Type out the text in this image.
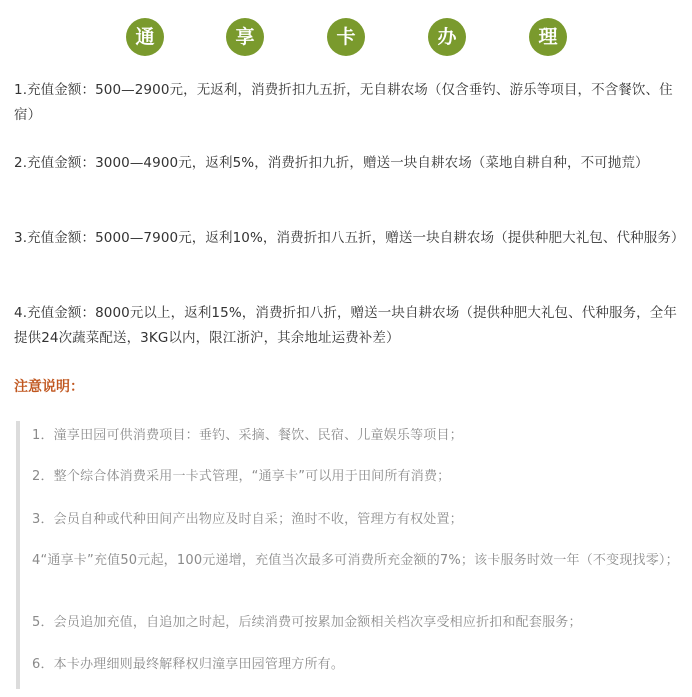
通	享	卡	办	理
1.充值金额：500—2900元，无返利，消费折扣九五折，无自耕农场（仅含垂钓、游乐等项目，不含餐饮、住宿）
2.充值金额：3000—4900元，返利5%，消费折扣九折，赠送一块自耕农场（菜地自耕自种，不可抛荒）
3.充值金额：5000—7900元，返利10%，消费折扣八五折，赠送一块自耕农场（提供种肥大礼包、代种服务）
4.充值金额：8000元以上，返利15%，消费折扣八折，赠送一块自耕农场（提供种肥大礼包、代种服务，全年提供24次蔬菜配送，3KG以内，限江浙沪，其余地址运费补差）
注意说明：
1．潼享田园可供消费项目：垂钓、采摘、餐饮、民宿、儿童娱乐等项目；
2．整个综合体消费采用一卡式管理，“通享卡”可以用于田间所有消费；
3．会员自种或代种田间产出物应及时自采；渔时不收，管理方有权处置；
4“通享卡”充值50元起，100元递增，充值当次最多可消费所充金额的7%；该卡服务时效一年（不变现找零）；
5．会员追加充值，自追加之时起，后续消费可按累加金额相关档次享受相应折扣和配套服务；
6．本卡办理细则最终解释权归潼享田园管理方所有。
